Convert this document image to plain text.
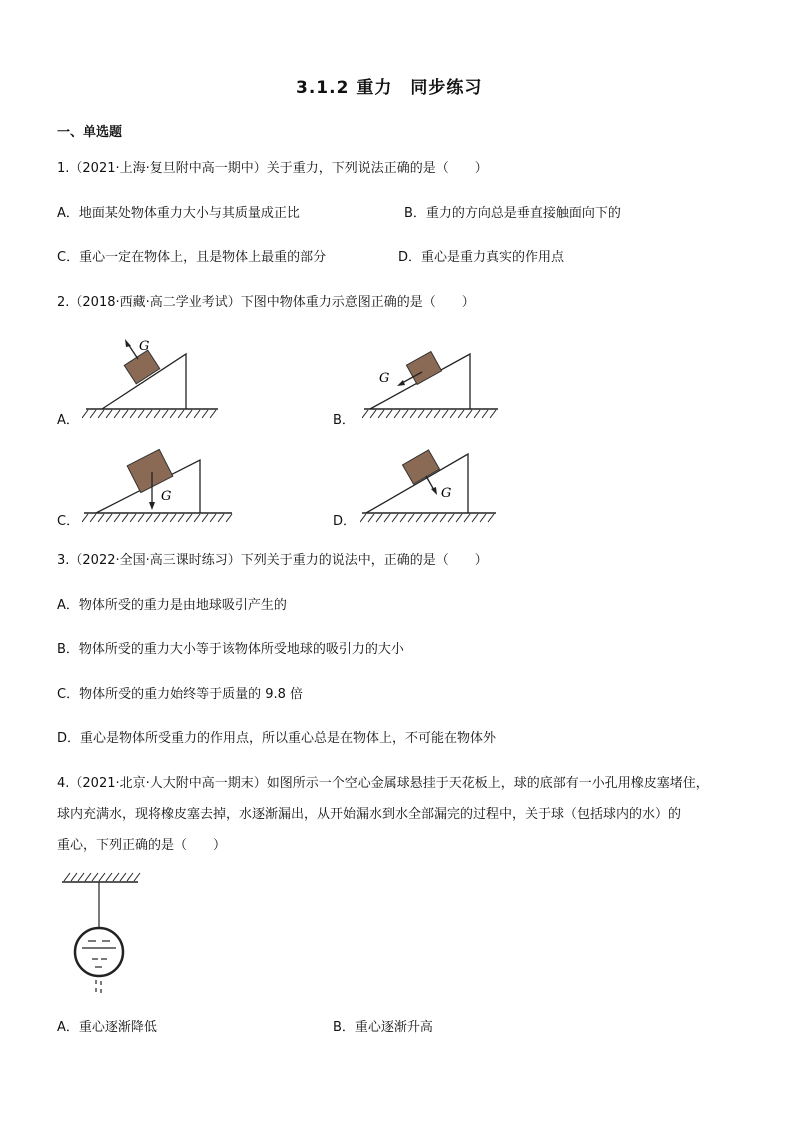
3.1.2 重力　同步练习
一、单选题
1.（2021·上海·复旦附中高一期中）关于重力，下列说法正确的是（　　）
A．地面某处物体重力大小与其质量成正比	B．重力的方向总是垂直接触面向下的
C．重心一定在物体上，且是物体上最重的部分	D．重心是重力真实的作用点
2.（2018·西藏·高二学业考试）下图中物体重力示意图正确的是（　　）
A．
G
B．
G
C．
G
D．
G
3.（2022·全国·高三课时练习）下列关于重力的说法中，正确的是（　　）
A．物体所受的重力是由地球吸引产生的
B．物体所受的重力大小等于该物体所受地球的吸引力的大小
C．物体所受的重力始终等于质量的 9.8 倍
D．重心是物体所受重力的作用点，所以重心总是在物体上，不可能在物体外
4.（2021·北京·人大附中高一期末）如图所示一个空心金属球悬挂于天花板上，球的底部有一小孔用橡皮塞堵住，
球内充满水，现将橡皮塞去掉，水逐渐漏出，从开始漏水到水全部漏完的过程中，关于球（包括球内的水）的
重心，下列正确的是（　　）
A．重心逐渐降低	B．重心逐渐升高
